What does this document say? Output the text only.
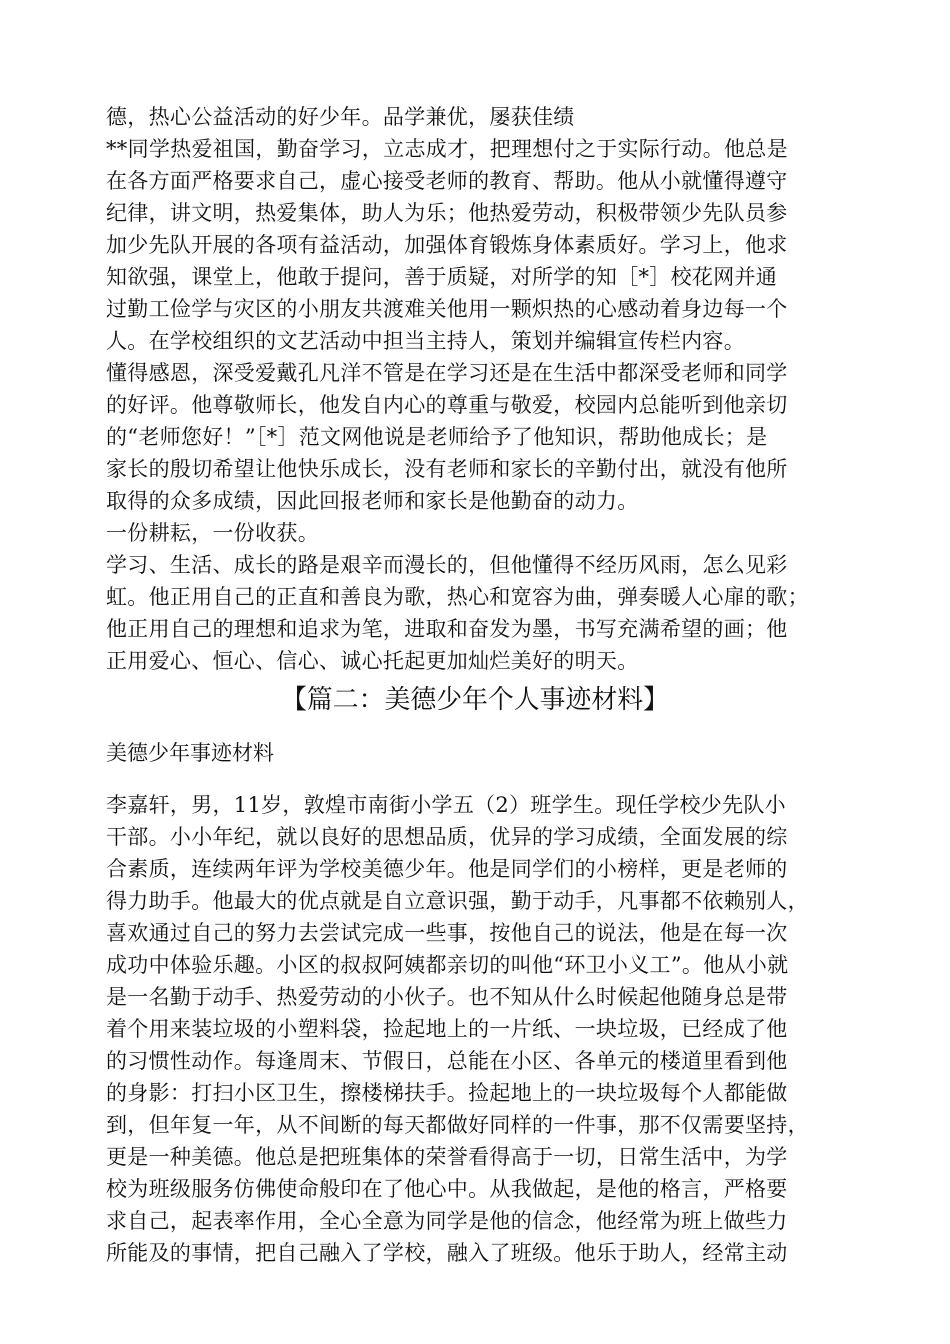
德，热心公益活动的好少年。品学兼优，屡获佳绩
**同学热爱祖国，勤奋学习，立志成才，把理想付之于实际行动。他总是
在各方面严格要求自己，虚心接受老师的教育、帮助。他从小就懂得遵守
纪律，讲文明，热爱集体，助人为乐；他热爱劳动，积极带领少先队员参
加少先队开展的各项有益活动，加强体育锻炼身体素质好。学习上，他求
知欲强，课堂上，他敢于提问，善于质疑，对所学的知［*］校花网并通
过勤工俭学与灾区的小朋友共渡难关他用一颗炽热的心感动着身边每一个
人。在学校组织的文艺活动中担当主持人，策划并编辑宣传栏内容。
懂得感恩，深受爱戴孔凡洋不管是在学习还是在生活中都深受老师和同学
的好评。他尊敬师长，他发自内心的尊重与敬爱，校园内总能听到他亲切
的“老师您好！”［*］范文网他说是老师给予了他知识，帮助他成长；是
家长的殷切希望让他快乐成长，没有老师和家长的辛勤付出，就没有他所
取得的众多成绩，因此回报老师和家长是他勤奋的动力。
一份耕耘，一份收获。
学习、生活、成长的路是艰辛而漫长的，但他懂得不经历风雨，怎么见彩
虹。他正用自己的正直和善良为歌，热心和宽容为曲，弹奏暖人心扉的歌；
他正用自己的理想和追求为笔，进取和奋发为墨，书写充满希望的画；他
正用爱心、恒心、信心、诚心托起更加灿烂美好的明天。
【篇二：美德少年个人事迹材料】
美德少年事迹材料
李嘉轩，男，11岁，敦煌市南街小学五（2）班学生。现任学校少先队小
干部。小小年纪，就以良好的思想品质，优异的学习成绩，全面发展的综
合素质，连续两年评为学校美德少年。他是同学们的小榜样，更是老师的
得力助手。他最大的优点就是自立意识强，勤于动手，凡事都不依赖别人，
喜欢通过自己的努力去尝试完成一些事，按他自己的说法，他是在每一次
成功中体验乐趣。小区的叔叔阿姨都亲切的叫他“环卫小义工”。他从小就
是一名勤于动手、热爱劳动的小伙子。也不知从什么时候起他随身总是带
着个用来装垃圾的小塑料袋，捡起地上的一片纸、一块垃圾，已经成了他
的习惯性动作。每逢周末、节假日，总能在小区、各单元的楼道里看到他
的身影：打扫小区卫生，擦楼梯扶手。捡起地上的一块垃圾每个人都能做
到，但年复一年，从不间断的每天都做好同样的一件事，那不仅需要坚持，
更是一种美德。他总是把班集体的荣誉看得高于一切，日常生活中，为学
校为班级服务仿佛使命般印在了他心中。从我做起，是他的格言，严格要
求自己，起表率作用，全心全意为同学是他的信念，他经常为班上做些力
所能及的事情，把自己融入了学校，融入了班级。他乐于助人，经常主动
